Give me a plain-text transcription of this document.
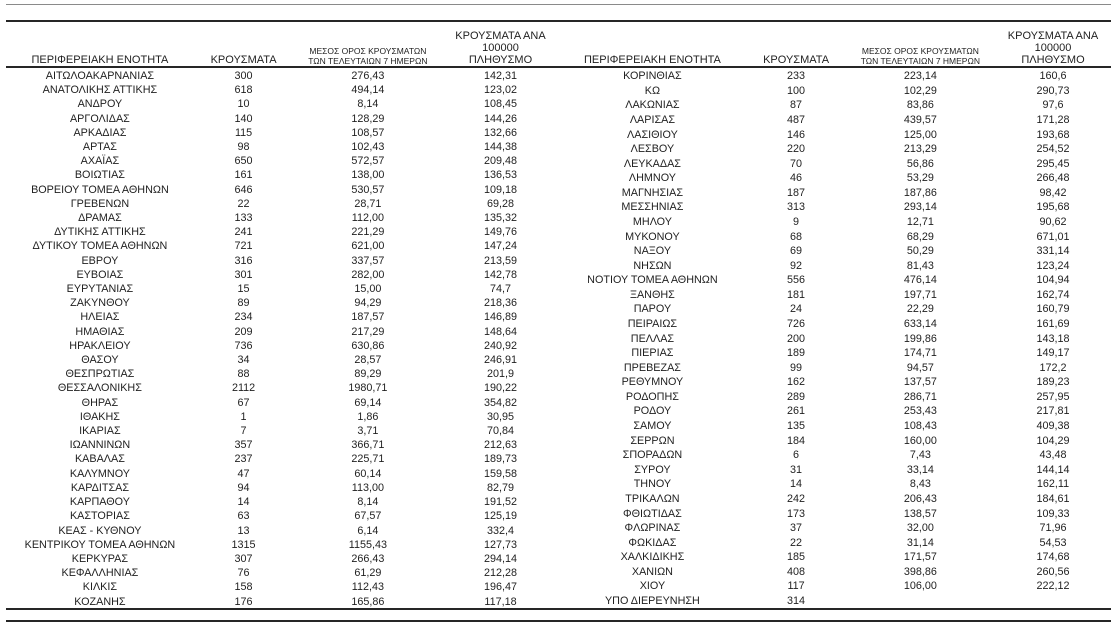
ΠΕΡΙΦΕΡΕΙΑΚΗ ΕΝΟΤΗΤΑ	ΚΡΟΥΣΜΑΤΑ	ΜΕΣΟΣ ΟΡΟΣ ΚΡΟΥΣΜΑΤΩΝ
ΤΩΝ ΤΕΛΕΥΤΑΙΩΝ 7 ΗΜΕΡΩΝ	ΚΡΟΥΣΜΑΤΑ ΑΝΑ 100000
ΠΛΗΘΥΣΜΟ
ΑΙΤΩΛΟΑΚΑΡΝΑΝΙΑΣ	300	276,43	142,31
ΑΝΑΤΟΛΙΚΗΣ ΑΤΤΙΚΗΣ	618	494,14	123,02
ΑΝΔΡΟΥ	10	8,14	108,45
ΑΡΓΟΛΙΔΑΣ	140	128,29	144,26
ΑΡΚΑΔΙΑΣ	115	108,57	132,66
ΑΡΤΑΣ	98	102,43	144,38
ΑΧΑΪΑΣ	650	572,57	209,48
ΒΟΙΩΤΙΑΣ	161	138,00	136,53
ΒΟΡΕΙΟΥ ΤΟΜΕΑ ΑΘΗΝΩΝ	646	530,57	109,18
ΓΡΕΒΕΝΩΝ	22	28,71	69,28
ΔΡΑΜΑΣ	133	112,00	135,32
ΔΥΤΙΚΗΣ ΑΤΤΙΚΗΣ	241	221,29	149,76
ΔΥΤΙΚΟΥ ΤΟΜΕΑ ΑΘΗΝΩΝ	721	621,00	147,24
ΕΒΡΟΥ	316	337,57	213,59
ΕΥΒΟΙΑΣ	301	282,00	142,78
ΕΥΡΥΤΑΝΙΑΣ	15	15,00	74,7
ΖΑΚΥΝΘΟΥ	89	94,29	218,36
ΗΛΕΙΑΣ	234	187,57	146,89
ΗΜΑΘΙΑΣ	209	217,29	148,64
ΗΡΑΚΛΕΙΟΥ	736	630,86	240,92
ΘΑΣΟΥ	34	28,57	246,91
ΘΕΣΠΡΩΤΙΑΣ	88	89,29	201,9
ΘΕΣΣΑΛΟΝΙΚΗΣ	2112	1980,71	190,22
ΘΗΡΑΣ	67	69,14	354,82
ΙΘΑΚΗΣ	1	1,86	30,95
ΙΚΑΡΙΑΣ	7	3,71	70,84
ΙΩΑΝΝΙΝΩΝ	357	366,71	212,63
ΚΑΒΑΛΑΣ	237	225,71	189,73
ΚΑΛΥΜΝΟΥ	47	60,14	159,58
ΚΑΡΔΙΤΣΑΣ	94	113,00	82,79
ΚΑΡΠΑΘΟΥ	14	8,14	191,52
ΚΑΣΤΟΡΙΑΣ	63	67,57	125,19
ΚΕΑΣ - ΚΥΘΝΟΥ	13	6,14	332,4
ΚΕΝΤΡΙΚΟΥ ΤΟΜΕΑ ΑΘΗΝΩΝ	1315	1155,43	127,73
ΚΕΡΚΥΡΑΣ	307	266,43	294,14
ΚΕΦΑΛΛΗΝΙΑΣ	76	61,29	212,28
ΚΙΛΚΙΣ	158	112,43	196,47
ΚΟΖΑΝΗΣ	176	165,86	117,18
ΠΕΡΙΦΕΡΕΙΑΚΗ ΕΝΟΤΗΤΑ	ΚΡΟΥΣΜΑΤΑ	ΜΕΣΟΣ ΟΡΟΣ ΚΡΟΥΣΜΑΤΩΝ
ΤΩΝ ΤΕΛΕΥΤΑΙΩΝ 7 ΗΜΕΡΩΝ	ΚΡΟΥΣΜΑΤΑ ΑΝΑ 100000
ΠΛΗΘΥΣΜΟ
ΚΟΡΙΝΘΙΑΣ	233	223,14	160,6
ΚΩ	100	102,29	290,73
ΛΑΚΩΝΙΑΣ	87	83,86	97,6
ΛΑΡΙΣΑΣ	487	439,57	171,28
ΛΑΣΙΘΙΟΥ	146	125,00	193,68
ΛΕΣΒΟΥ	220	213,29	254,52
ΛΕΥΚΑΔΑΣ	70	56,86	295,45
ΛΗΜΝΟΥ	46	53,29	266,48
ΜΑΓΝΗΣΙΑΣ	187	187,86	98,42
ΜΕΣΣΗΝΙΑΣ	313	293,14	195,68
ΜΗΛΟΥ	9	12,71	90,62
ΜΥΚΟΝΟΥ	68	68,29	671,01
ΝΑΞΟΥ	69	50,29	331,14
ΝΗΣΩΝ	92	81,43	123,24
ΝΟΤΙΟΥ ΤΟΜΕΑ ΑΘΗΝΩΝ	556	476,14	104,94
ΞΑΝΘΗΣ	181	197,71	162,74
ΠΑΡΟΥ	24	22,29	160,79
ΠΕΙΡΑΙΩΣ	726	633,14	161,69
ΠΕΛΛΑΣ	200	199,86	143,18
ΠΙΕΡΙΑΣ	189	174,71	149,17
ΠΡΕΒΕΖΑΣ	99	94,57	172,2
ΡΕΘΥΜΝΟΥ	162	137,57	189,23
ΡΟΔΟΠΗΣ	289	286,71	257,95
ΡΟΔΟΥ	261	253,43	217,81
ΣΑΜΟΥ	135	108,43	409,38
ΣΕΡΡΩΝ	184	160,00	104,29
ΣΠΟΡΑΔΩΝ	6	7,43	43,48
ΣΥΡΟΥ	31	33,14	144,14
ΤΗΝΟΥ	14	8,43	162,11
ΤΡΙΚΑΛΩΝ	242	206,43	184,61
ΦΘΙΩΤΙΔΑΣ	173	138,57	109,33
ΦΛΩΡΙΝΑΣ	37	32,00	71,96
ΦΩΚΙΔΑΣ	22	31,14	54,53
ΧΑΛΚΙΔΙΚΗΣ	185	171,57	174,68
ΧΑΝΙΩΝ	408	398,86	260,56
ΧΙΟΥ	117	106,00	222,12
ΥΠΟ ΔΙΕΡΕΥΝΗΣΗ	314		
